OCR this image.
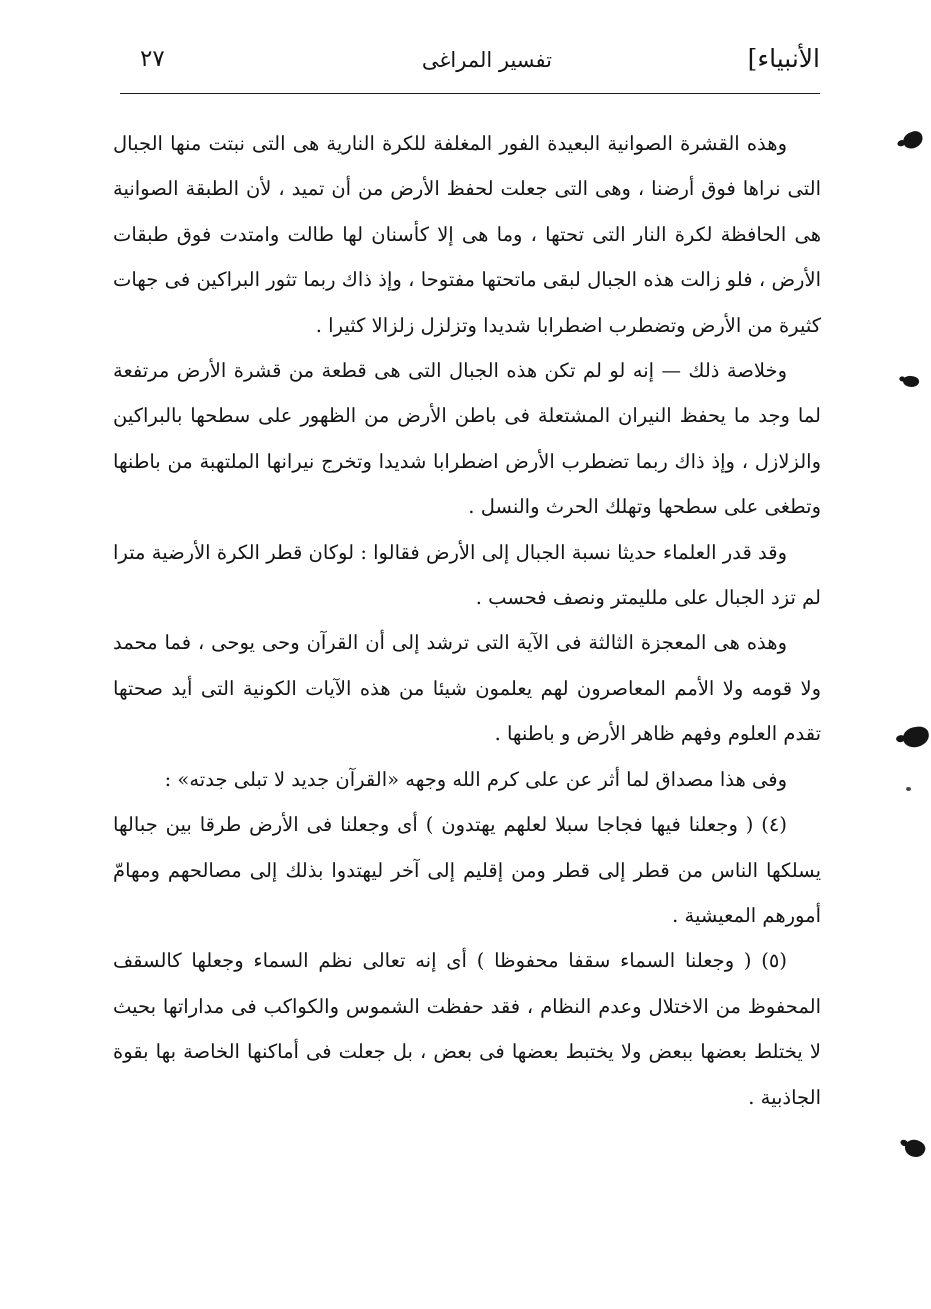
الأنبياء]
تفسير المراغى
٢٧

وهذه القشرة الصوانية البعيدة الفور المغلفة للكرة النارية هى التى نبتت منها الجبال التى نراها فوق أرضنا ، وهى التى جعلت لحفظ الأرض من أن تميد ، لأن الطبقة الصوانية هى الحافظة لكرة النار التى تحتها ، وما هى إلا كأسنان لها طالت وامتدت فوق طبقات الأرض ، فلو زالت هذه الجبال لبقى ماتحتها مفتوحا ، وإذ ذاك ربما تثور البراكين فى جهات كثيرة من الأرض وتضطرب اضطرابا شديدا وتزلزل زلزالا كثيرا .

وخلاصة ذلك — إنه لو لم تكن هذه الجبال التى هى قطعة من قشرة الأرض مرتفعة لما وجد ما يحفظ النيران المشتعلة فى باطن الأرض من الظهور على سطحها بالبراكين والزلازل ، وإذ ذاك ربما تضطرب الأرض اضطرابا شديدا وتخرج نيرانها الملتهبة من باطنها وتطغى على سطحها وتهلك الحرث والنسل .

وقد قدر العلماء حديثا نسبة الجبال إلى الأرض فقالوا : لوكان قطر الكرة الأرضية مترا لم تزد الجبال على ملليمتر ونصف فحسب .

وهذه هى المعجزة الثالثة فى الآية التى ترشد إلى أن القرآن وحى يوحى ، فما محمد ولا قومه ولا الأمم المعاصرون لهم يعلمون شيئا من هذه الآيات الكونية التى أيد صحتها تقدم العلوم وفهم ظاهر الأرض و باطنها .

وفى هذا مصداق لما أثر عن على كرم الله وجهه «القرآن جديد لا تبلى جدته» :

(٤) ( وجعلنا فيها فجاجا سبلا لعلهم يهتدون ) أى وجعلنا فى الأرض طرقا بين جبالها يسلكها الناس من قطر إلى قطر ومن إقليم إلى آخر ليهتدوا بذلك إلى مصالحهم ومهامّ أمورهم المعيشية .

(٥) ( وجعلنا السماء سقفا محفوظا ) أى إنه تعالى نظم السماء وجعلها كالسقف المحفوظ من الاختلال وعدم النظام ، فقد حفظت الشموس والكواكب فى مداراتها بحيث لا يختلط بعضها ببعض ولا يختبط بعضها فى بعض ، بل جعلت فى أماكنها الخاصة بها بقوة الجاذبية .
